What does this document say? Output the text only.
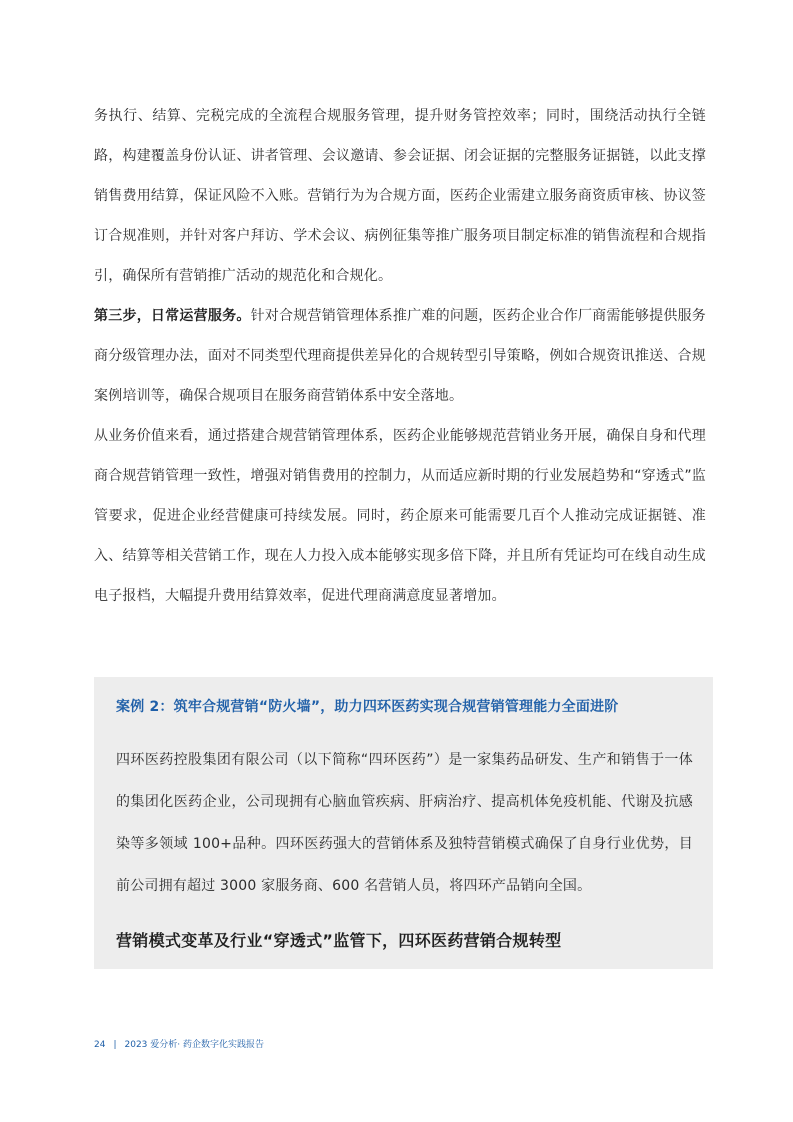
务执行、结算、完税完成的全流程合规服务管理，提升财务管控效率；同时，围绕活动执行全链路，构建覆盖身份认证、讲者管理、会议邀请、参会证据、闭会证据的完整服务证据链，以此支撑销售费用结算，保证风险不入账。营销行为为合规方面，医药企业需建立服务商资质审核、协议签订合规准则，并针对客户拜访、学术会议、病例征集等推广服务项目制定标准的销售流程和合规指引，确保所有营销推广活动的规范化和合规化。

第三步，日常运营服务。针对合规营销管理体系推广难的问题，医药企业合作厂商需能够提供服务商分级管理办法，面对不同类型代理商提供差异化的合规转型引导策略，例如合规资讯推送、合规案例培训等，确保合规项目在服务商营销体系中安全落地。

从业务价值来看，通过搭建合规营销管理体系，医药企业能够规范营销业务开展，确保自身和代理商合规营销管理一致性，增强对销售费用的控制力，从而适应新时期的行业发展趋势和“穿透式”监管要求，促进企业经营健康可持续发展。同时，药企原来可能需要几百个人推动完成证据链、准入、结算等相关营销工作，现在人力投入成本能够实现多倍下降，并且所有凭证均可在线自动生成电子报档，大幅提升费用结算效率，促进代理商满意度显著增加。

案例 2：筑牢合规营销“防火墙”，助力四环医药实现合规营销管理能力全面进阶

四环医药控股集团有限公司（以下简称“四环医药”）是一家集药品研发、生产和销售于一体的集团化医药企业，公司现拥有心脑血管疾病、肝病治疗、提高机体免疫机能、代谢及抗感染等多领域 100+品种。四环医药强大的营销体系及独特营销模式确保了自身行业优势，目前公司拥有超过 3000 家服务商、600 名营销人员，将四环产品销向全国。

营销模式变革及行业“穿透式”监管下，四环医药营销合规转型
24 | 2023 爱分析· 药企数字化实践报告
